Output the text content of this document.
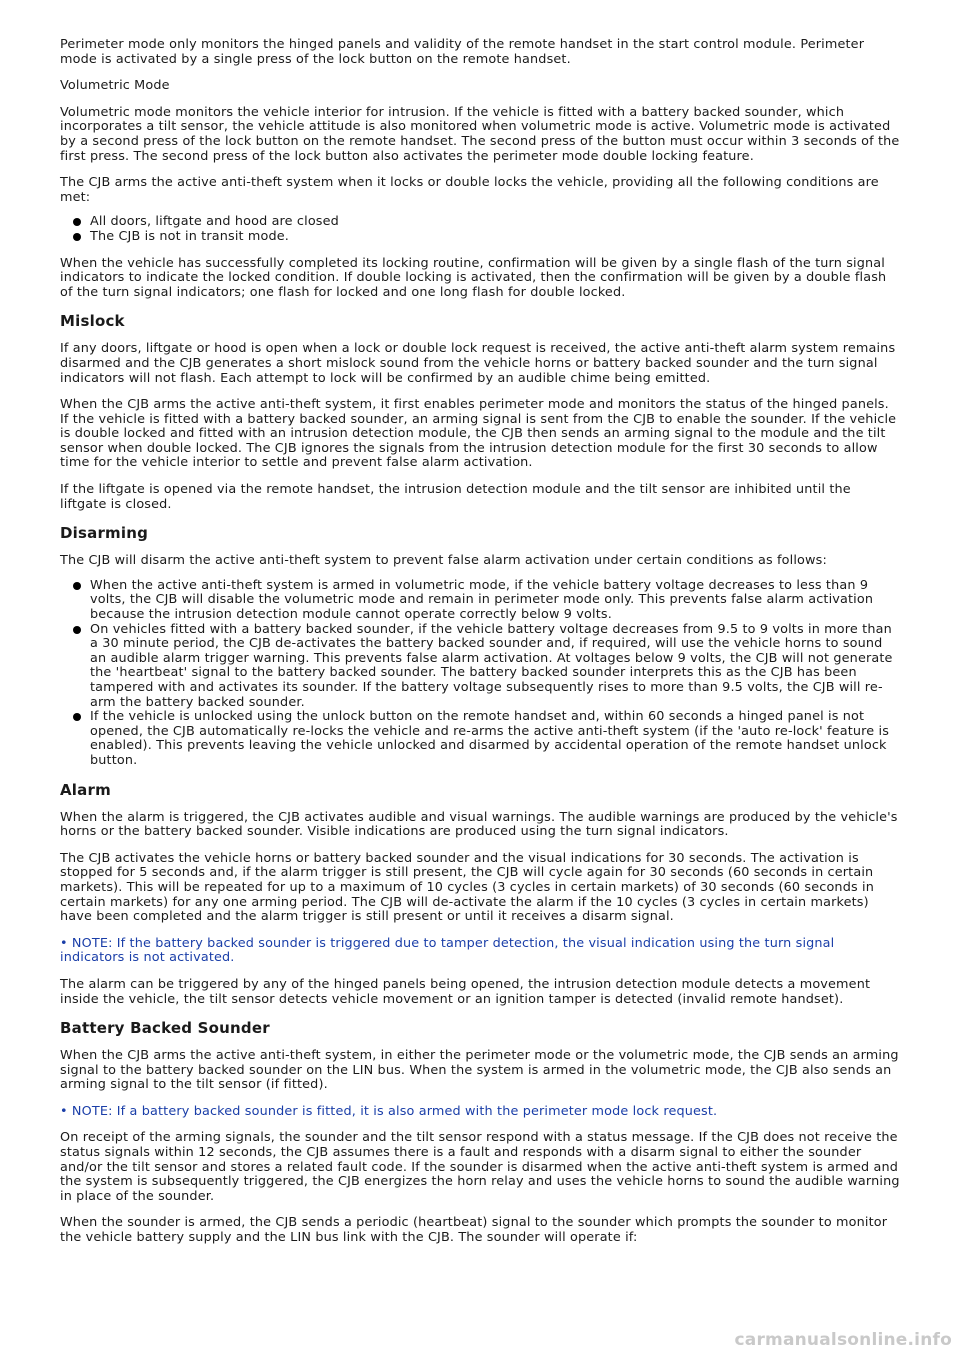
Perimeter mode only monitors the hinged panels and validity of the remote handset in the start control module. Perimeter mode is activated by a single press of the lock button on the remote handset.

Volumetric Mode

Volumetric mode monitors the vehicle interior for intrusion. If the vehicle is fitted with a battery backed sounder, which incorporates a tilt sensor, the vehicle attitude is also monitored when volumetric mode is active. Volumetric mode is activated by a second press of the lock button on the remote handset. The second press of the button must occur within 3 seconds of the first press. The second press of the lock button also activates the perimeter mode double locking feature.

The CJB arms the active anti-theft system when it locks or double locks the vehicle, providing all the following conditions are met:

All doors, liftgate and hood are closed
The CJB is not in transit mode.

When the vehicle has successfully completed its locking routine, confirmation will be given by a single flash of the turn signal indicators to indicate the locked condition. If double locking is activated, then the confirmation will be given by a double flash of the turn signal indicators; one flash for locked and one long flash for double locked.

Mislock

If any doors, liftgate or hood is open when a lock or double lock request is received, the active anti-theft alarm system remains disarmed and the CJB generates a short mislock sound from the vehicle horns or battery backed sounder and the turn signal indicators will not flash. Each attempt to lock will be confirmed by an audible chime being emitted.

When the CJB arms the active anti-theft system, it first enables perimeter mode and monitors the status of the hinged panels. If the vehicle is fitted with a battery backed sounder, an arming signal is sent from the CJB to enable the sounder. If the vehicle is double locked and fitted with an intrusion detection module, the CJB then sends an arming signal to the module and the tilt sensor when double locked. The CJB ignores the signals from the intrusion detection module for the first 30 seconds to allow time for the vehicle interior to settle and prevent false alarm activation.

If the liftgate is opened via the remote handset, the intrusion detection module and the tilt sensor are inhibited until the liftgate is closed.

Disarming

The CJB will disarm the active anti-theft system to prevent false alarm activation under certain conditions as follows:

When the active anti-theft system is armed in volumetric mode, if the vehicle battery voltage decreases to less than 9 volts, the CJB will disable the volumetric mode and remain in perimeter mode only. This prevents false alarm activation because the intrusion detection module cannot operate correctly below 9 volts.
On vehicles fitted with a battery backed sounder, if the vehicle battery voltage decreases from 9.5 to 9 volts in more than a 30 minute period, the CJB de-activates the battery backed sounder and, if required, will use the vehicle horns to sound an audible alarm trigger warning. This prevents false alarm activation. At voltages below 9 volts, the CJB will not generate the 'heartbeat' signal to the battery backed sounder. The battery backed sounder interprets this as the CJB has been tampered with and activates its sounder. If the battery voltage subsequently rises to more than 9.5 volts, the CJB will re-arm the battery backed sounder.
If the vehicle is unlocked using the unlock button on the remote handset and, within 60 seconds a hinged panel is not opened, the CJB automatically re-locks the vehicle and re-arms the active anti-theft system (if the 'auto re-lock' feature is enabled). This prevents leaving the vehicle unlocked and disarmed by accidental operation of the remote handset unlock button.
Alarm

When the alarm is triggered, the CJB activates audible and visual warnings. The audible warnings are produced by the vehicle's horns or the battery backed sounder. Visible indications are produced using the turn signal indicators.

The CJB activates the vehicle horns or battery backed sounder and the visual indications for 30 seconds. The activation is stopped for 5 seconds and, if the alarm trigger is still present, the CJB will cycle again for 30 seconds (60 seconds in certain markets). This will be repeated for up to a maximum of 10 cycles (3 cycles in certain markets) of 30 seconds (60 seconds in certain markets) for any one arming period. The CJB will de-activate the alarm if the 10 cycles (3 cycles in certain markets) have been completed and the alarm trigger is still present or until it receives a disarm signal.

• NOTE: If the battery backed sounder is triggered due to tamper detection, the visual indication using the turn signal indicators is not activated.

The alarm can be triggered by any of the hinged panels being opened, the intrusion detection module detects a movement inside the vehicle, the tilt sensor detects vehicle movement or an ignition tamper is detected (invalid remote handset).

Battery Backed Sounder

When the CJB arms the active anti-theft system, in either the perimeter mode or the volumetric mode, the CJB sends an arming signal to the battery backed sounder on the LIN bus. When the system is armed in the volumetric mode, the CJB also sends an arming signal to the tilt sensor (if fitted).

• NOTE: If a battery backed sounder is fitted, it is also armed with the perimeter mode lock request.

On receipt of the arming signals, the sounder and the tilt sensor respond with a status message. If the CJB does not receive the status signals within 12 seconds, the CJB assumes there is a fault and responds with a disarm signal to either the sounder and/or the tilt sensor and stores a related fault code. If the sounder is disarmed when the active anti-theft system is armed and the system is subsequently triggered, the CJB energizes the horn relay and uses the vehicle horns to sound the audible warning in place of the sounder.

When the sounder is armed, the CJB sends a periodic (heartbeat) signal to the sounder which prompts the sounder to monitor the vehicle battery supply and the LIN bus link with the CJB. The sounder will operate if:

carmanualsonline.info
